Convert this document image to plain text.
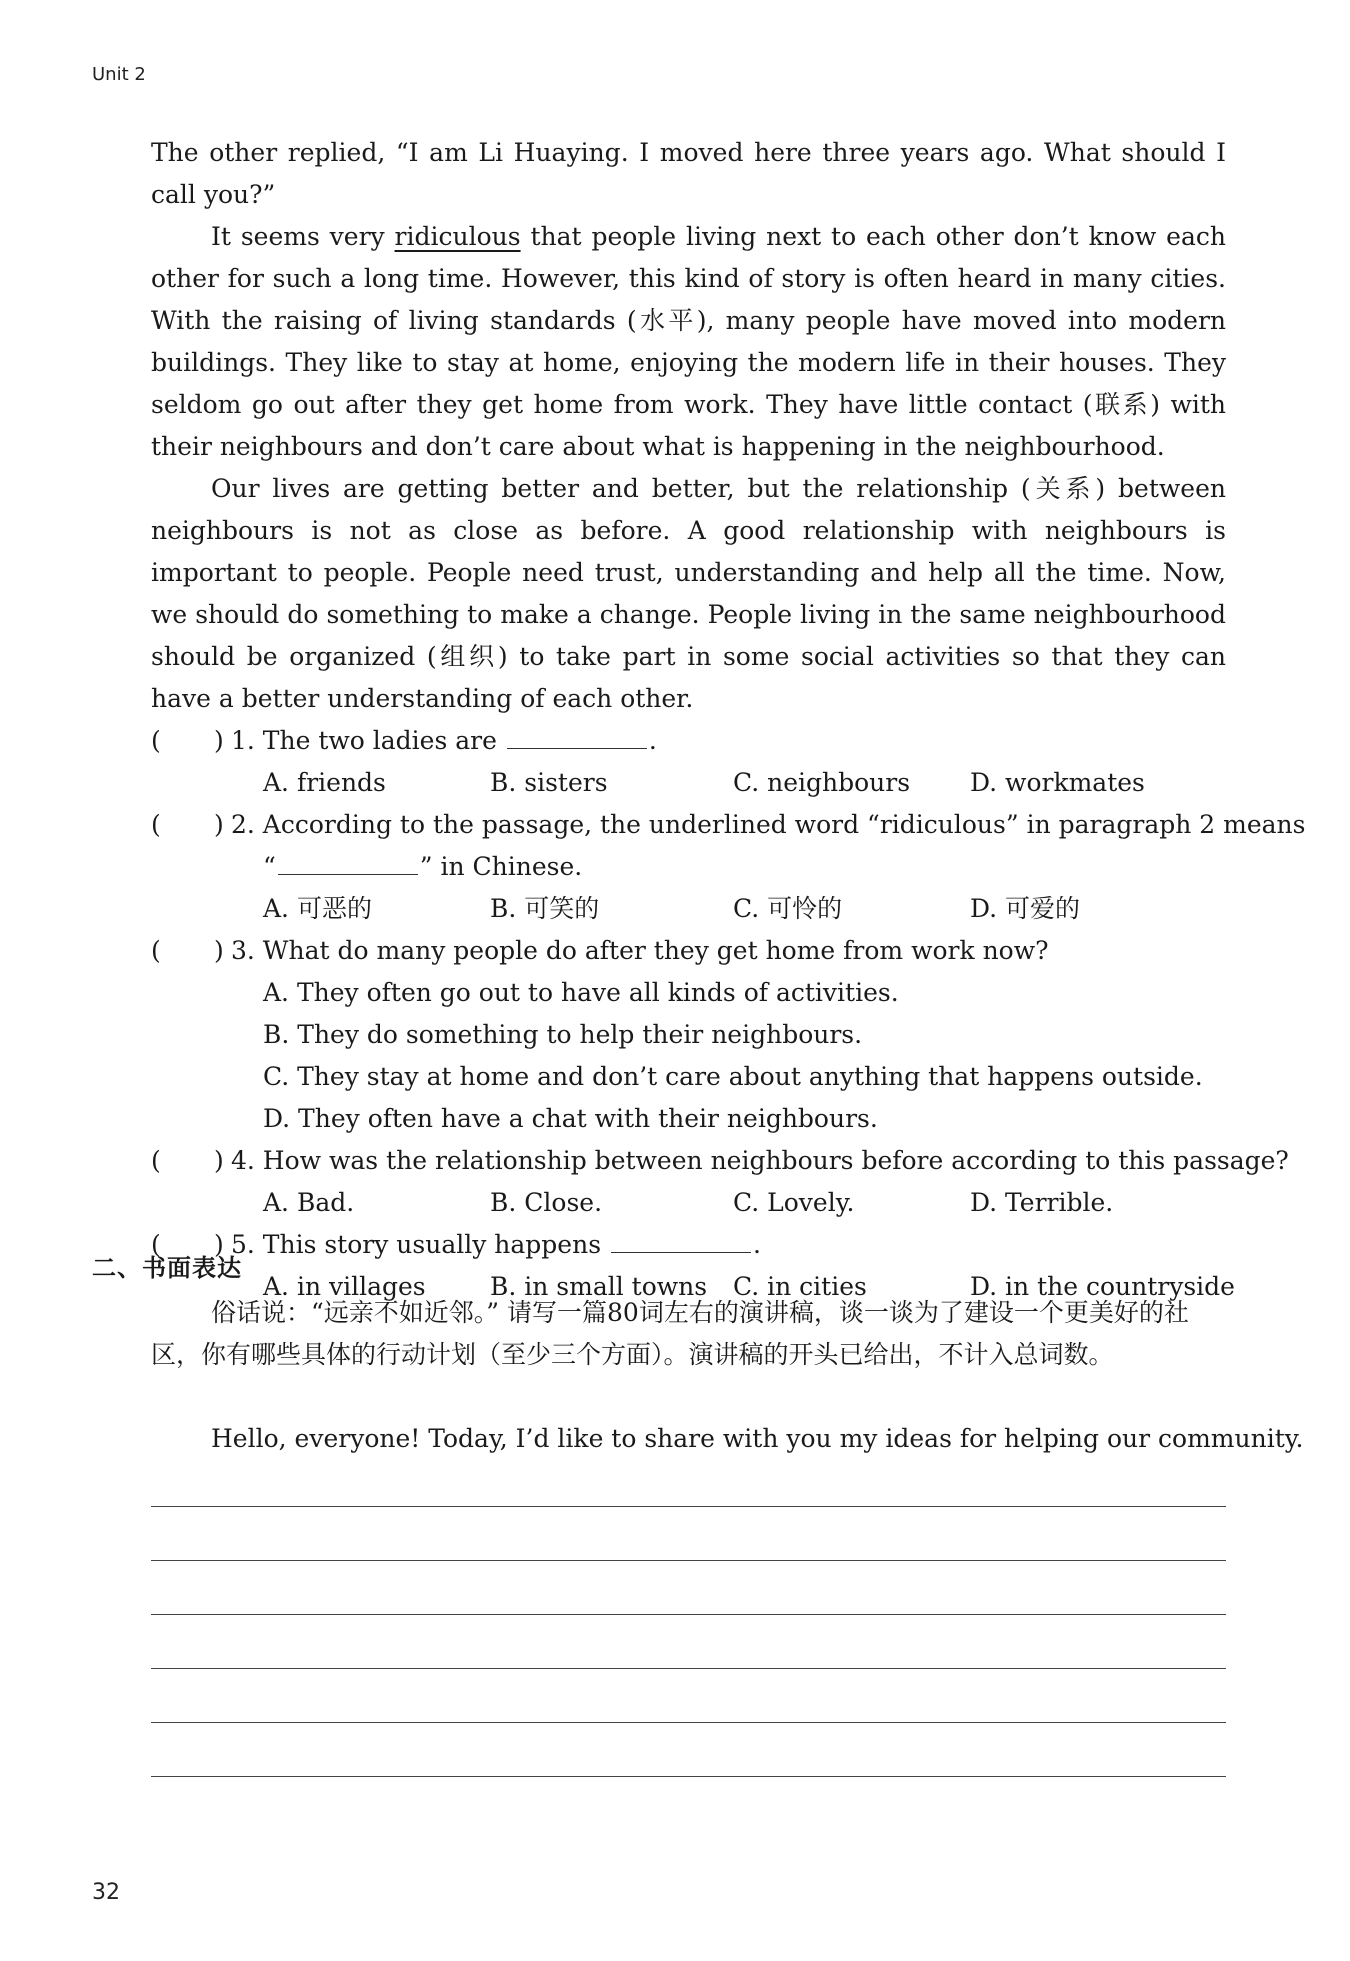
Unit 2

The other replied, “I am Li Huaying. I moved here three years ago. What should I call you?”

It seems very ridiculous that people living next to each other don’t know each other for such a long time. However, this kind of story is often heard in many cities. With the raising of living standards (水平), many people have moved into modern buildings. They like to stay at home, enjoying the modern life in their houses. They seldom go out after they get home from work. They have little contact (联系) with their neighbours and don’t care about what is happening in the neighbourhood.

Our lives are getting better and better, but the relationship (关系) between neighbours is not as close as before. A good relationship with neighbours is important to people. People need trust, understanding and help all the time. Now, we should do something to make a change. People living in the same neighbourhood should be organized (组织) to take part in some social activities so that they can have a better understanding of each other.

( ) 1. The two ladies are	.
A. friends	B. sisters	C. neighbours D. workmates
( ) 2. According to the passage, the underlined word “ridiculous” in paragraph 2 means
“	” in Chinese.
A. 可恶的	B. 可笑的	C. 可怜的	D. 可爱的
( ) 3. What do many people do after they get home from work now?
A. They often go out to have all kinds of activities.
B. They do something to help their neighbours.
C. They stay at home and don’t care about anything that happens outside.
D. They often have a chat with their neighbours.
( ) 4. How was the relationship between neighbours before according to this passage?
A. Bad.	B. Close.	C. Lovely.	D. Terrible.
( ) 5. This story usually happens	.
A. in villages	B. in small towns C. in cities	D. in the countryside
二、书面表达

俗话说：“远亲不如近邻。” 请写一篇80词左右的演讲稿，谈一谈为了建设一个更美好的社区，你有哪些具体的行动计划（至少三个方面）。演讲稿的开头已给出，不计入总词数。

Hello, everyone! Today, I’d like to share with you my ideas for helping our community.
32
